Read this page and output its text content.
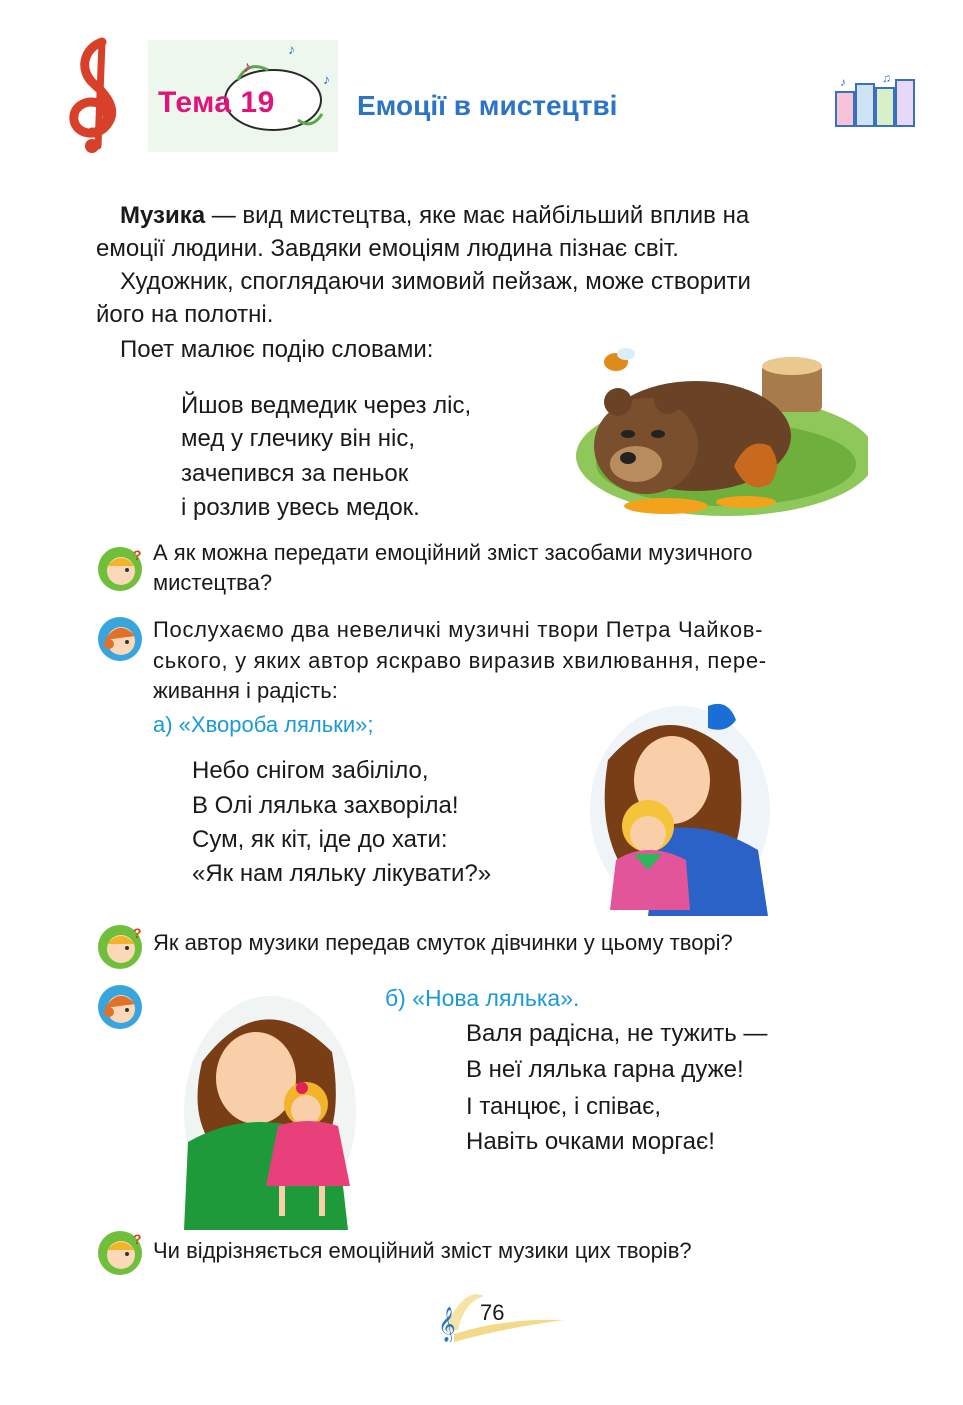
♪
♪
♪
Тема 19	Емоції в мистецтві
♪	♫
Музика — вид мистецтва, яке має найбільший вплив на
емоції людини. Завдяки емоціям людина пізнає світ.
Художник, споглядаючи зимовий пейзаж, може створити
його на полотні.
Поет малює подію словами:
Йшов ведмедик через ліс,
мед у глечику він ніс,
зачепився за пеньок
і розлив увесь медок.
? А як можна передати емоційний зміст засобами музичного
мистецтва?
Послухаємо два невеличкі музичні твори Петра Чайков-
ського, у яких автор яскраво виразив хвилювання, пере-
живання і радість:
а) «Хвороба ляльки»;
Небо снігом забіліло,
В Олі лялька захворіла!
Сум, як кіт, іде до хати:
«Як нам ляльку лікувати?»
? Як автор музики передав смуток дівчинки у цьому творі?
б) «Нова лялька».
Валя радісна, не тужить —
В неї лялька гарна дуже!
І танцює, і співає,
Навіть очками моргає!
? Чи відрізняється емоційний зміст музики цих творів?
𝄞 76
